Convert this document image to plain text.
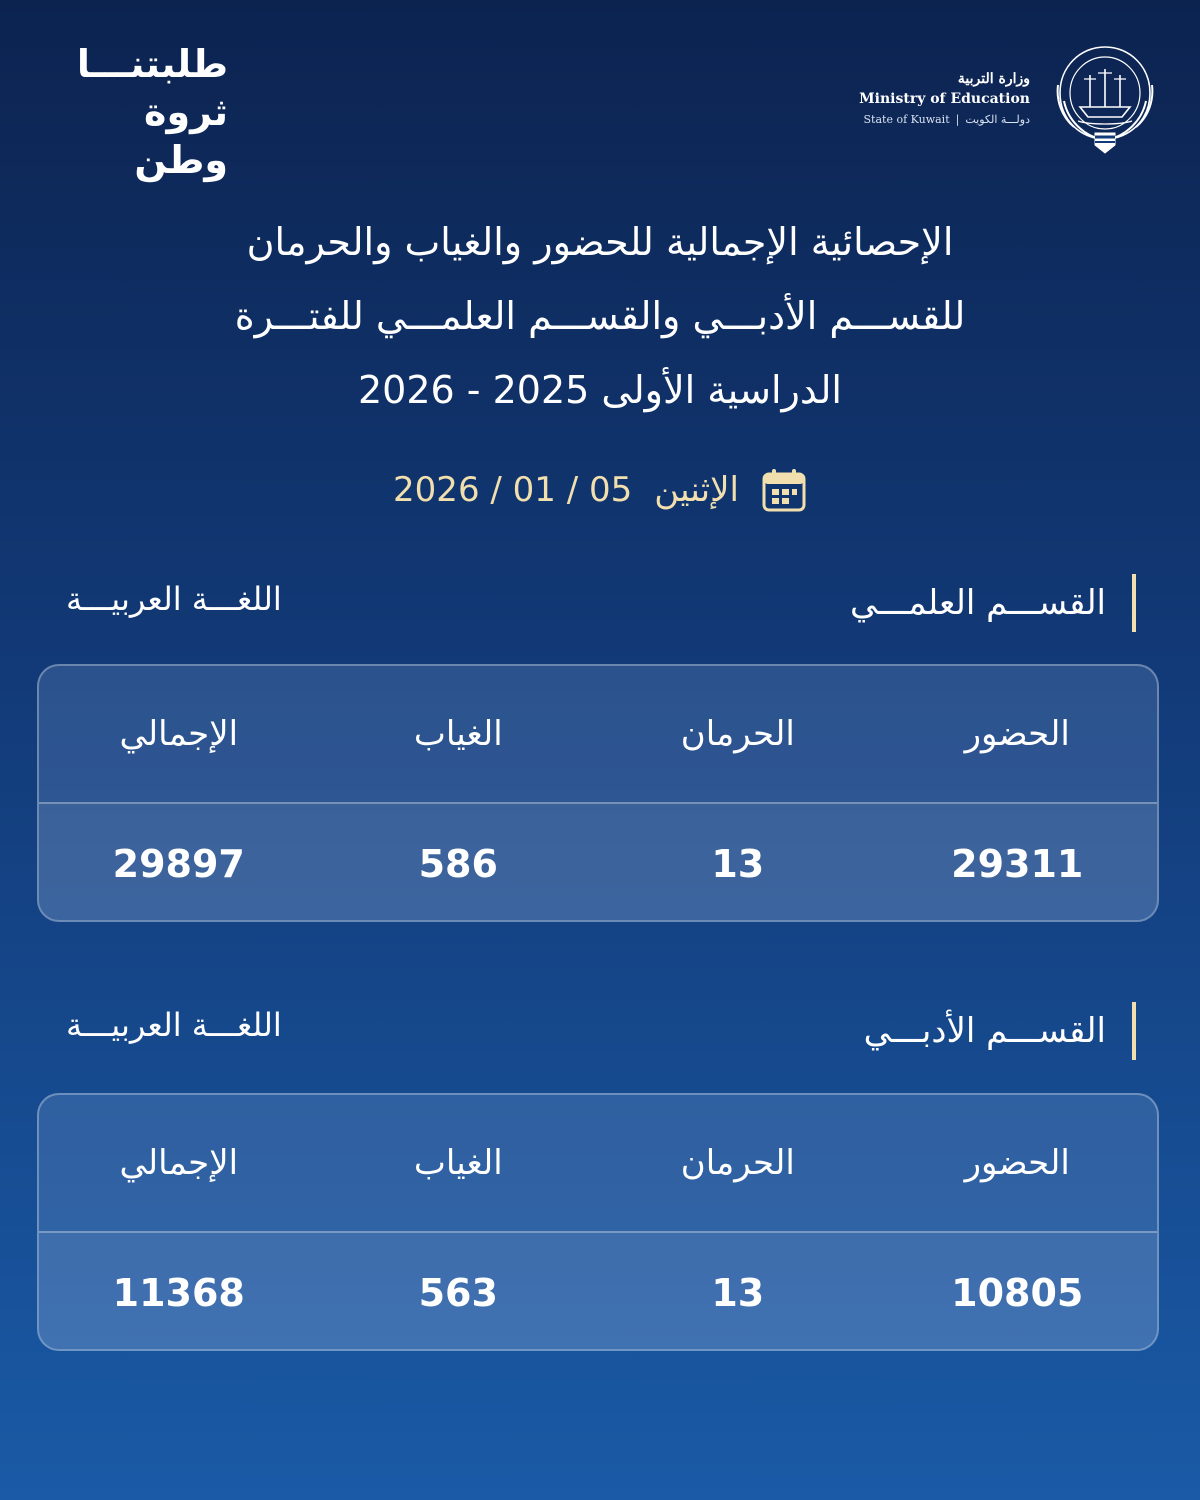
طلبتنـــا
ثروة وطن
وزارة التربية
Ministry of Education
State of Kuwait | دولـــة الكويت
الإحصائية الإجمالية للحضور والغياب والحرمان
للقســـم الأدبـــي والقســـم العلمـــي للفتـــرة
الدراسية الأولى 2025 - 2026
2026 / 01 / 05 الإثنين
القســـم العلمـــي
اللغـــة العربيـــة
الحضور
الحرمان
الغياب
الإجمالي
29311
13
586
29897
القســـم الأدبـــي
اللغـــة العربيـــة
الحضور
الحرمان
الغياب
الإجمالي
10805
13
563
11368
